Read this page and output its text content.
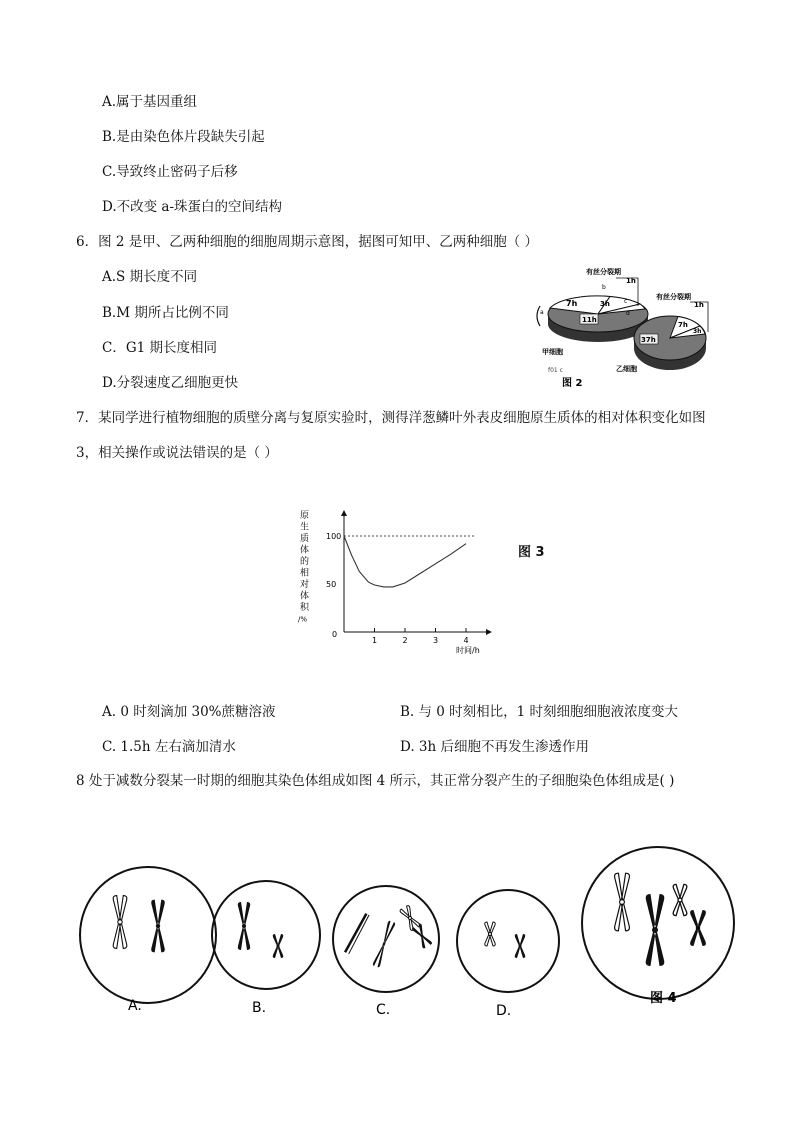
A.属于基因重组
B.是由染色体片段缺失引起
C.导致终止密码子后移
D.不改变 a-珠蛋白的空间结构
6．图 2 是甲、乙两种细胞的细胞周期示意图，据图可知甲、乙两种细胞（ ）
A.S 期长度不同
B.M 期所占比例不同
C．G1 期长度相同
D.分裂速度乙细胞更快
7h	3h
11h
a
b
c
d
有丝分裂期
1h
甲细胞
7h
3h
37h
有丝分裂期
1h
乙细胞
f01 c
图 2
7．某同学进行植物细胞的质壁分离与复原实验时，测得洋葱鳞叶外表皮细胞原生质体的相对体积变化如图
3，相关操作或说法错误的是（ ）
原
生
质
体
的
相
对
体
积
/%
0
1	2	3	4
50
100
时间/h
图 3
A. 0 时刻滴加 30%蔗糖溶液	B. 与 0 时刻相比，1 时刻细胞细胞液浓度变大
C. 1.5h 左右滴加清水	D. 3h 后细胞不再发生渗透作用
8 处于减数分裂某一时期的细胞其染色体组成如图 4 所示，其正常分裂产生的子细胞染色体组成是( )
A.	B.	C.	D.
图 4
